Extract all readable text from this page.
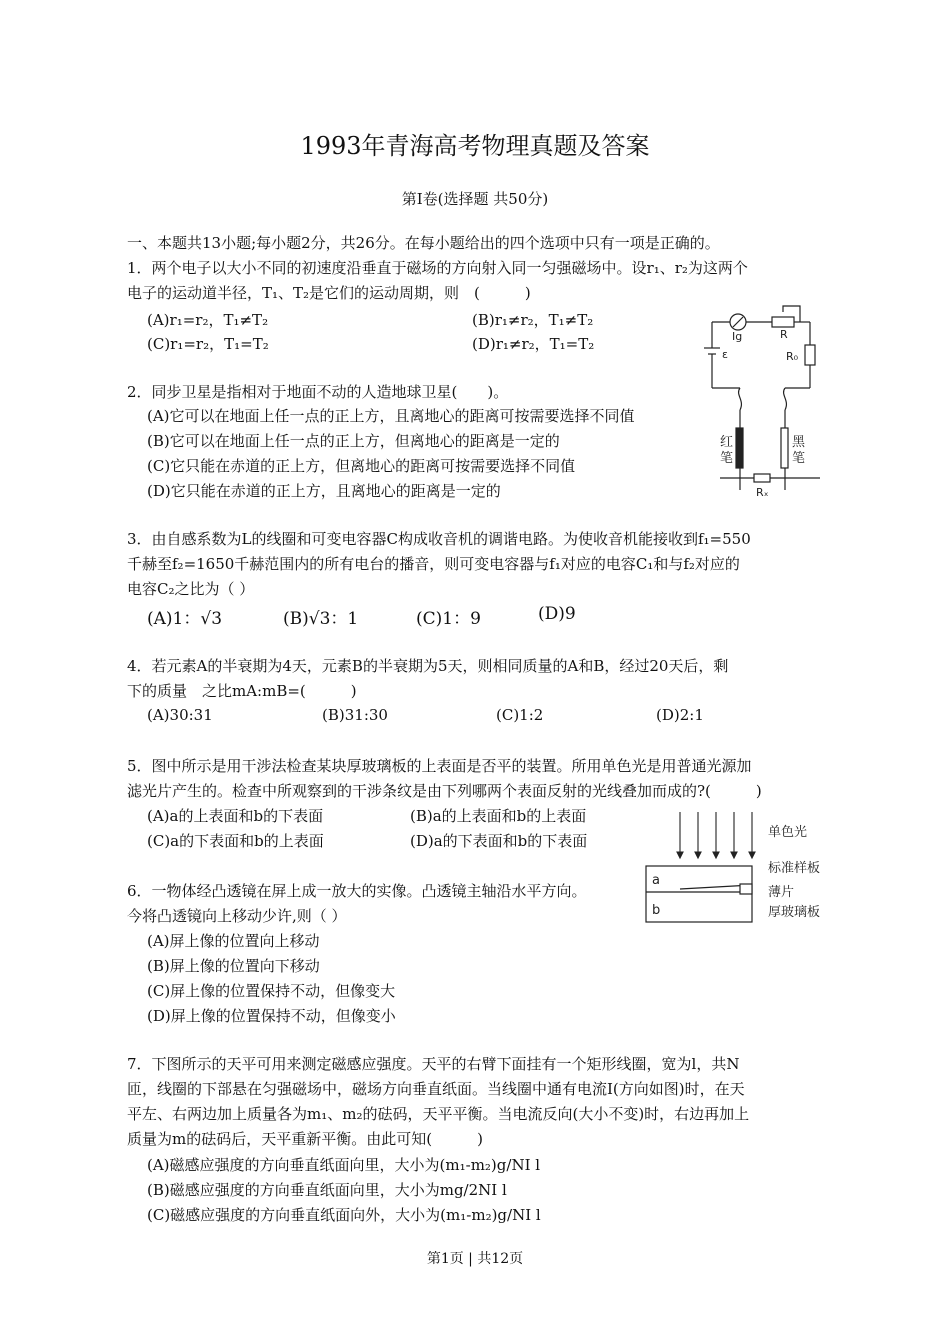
1993年青海高考物理真题及答案
第Ⅰ卷(选择题 共50分)
一、本题共13小题;每小题2分，共26分。在每小题给出的四个选项中只有一项是正确的。
1．两个电子以大小不同的初速度沿垂直于磁场的方向射入同一匀强磁场中。设r₁、r₂为这两个
电子的运动道半径，T₁、T₂是它们的运动周期，则　(　　　)
(A)r₁=r₂，T₁≠T₂	(B)r₁≠r₂，T₁≠T₂
(C)r₁=r₂，T₁=T₂	(D)r₁≠r₂，T₁=T₂	Ig	R
ε	R₀
红
笔
黑
笔
Rₓ
2．同步卫星是指相对于地面不动的人造地球卫星(　　)。
(A)它可以在地面上任一点的正上方，且离地心的距离可按需要选择不同值
(B)它可以在地面上任一点的正上方，但离地心的距离是一定的
(C)它只能在赤道的正上方，但离地心的距离可按需要选择不同值
(D)它只能在赤道的正上方，且离地心的距离是一定的
3．由自感系数为L的线圈和可变电容器C构成收音机的调谐电路。为使收音机能接收到f₁=550
千赫至f₂=1650千赫范围内的所有电台的播音，则可变电容器与f₁对应的电容C₁和与f₂对应的
电容C₂之比为（ ）
(A)1：√3	(B)√3：1	(C)1：9	(D)9
4．若元素A的半衰期为4天，元素B的半衰期为5天，则相同质量的A和B，经过20天后，剩
下的质量　之比mA:mB=(　　　)
(A)30:31	(B)31:30	(C)1:2	(D)2:1
5．图中所示是用干涉法检查某块厚玻璃板的上表面是否平的装置。所用单色光是用普通光源加
滤光片产生的。检查中所观察到的干涉条纹是由下列哪两个表面反射的光线叠加而成的?(　　　)
(A)a的上表面和b的下表面	(B)a的上表面和b的上表面
(C)a的下表面和b的上表面	(D)a的下表面和b的下表面
a
b
单色光
标准样板
薄片
厚玻璃板
6．一物体经凸透镜在屏上成一放大的实像。凸透镜主轴沿水平方向。
今将凸透镜向上移动少许,则（ ）
(A)屏上像的位置向上移动
(B)屏上像的位置向下移动
(C)屏上像的位置保持不动，但像变大
(D)屏上像的位置保持不动，但像变小
7．下图所示的天平可用来测定磁感应强度。天平的右臂下面挂有一个矩形线圈，宽为l，共N
匝，线圈的下部悬在匀强磁场中，磁场方向垂直纸面。当线圈中通有电流I(方向如图)时，在天
平左、右两边加上质量各为m₁、m₂的砝码，天平平衡。当电流反向(大小不变)时，右边再加上
质量为m的砝码后，天平重新平衡。由此可知(　　　)
(A)磁感应强度的方向垂直纸面向里，大小为(m₁-m₂)g/NI l
(B)磁感应强度的方向垂直纸面向里，大小为mg/2NI l
(C)磁感应强度的方向垂直纸面向外，大小为(m₁-m₂)g/NI l
第1页 | 共12页
